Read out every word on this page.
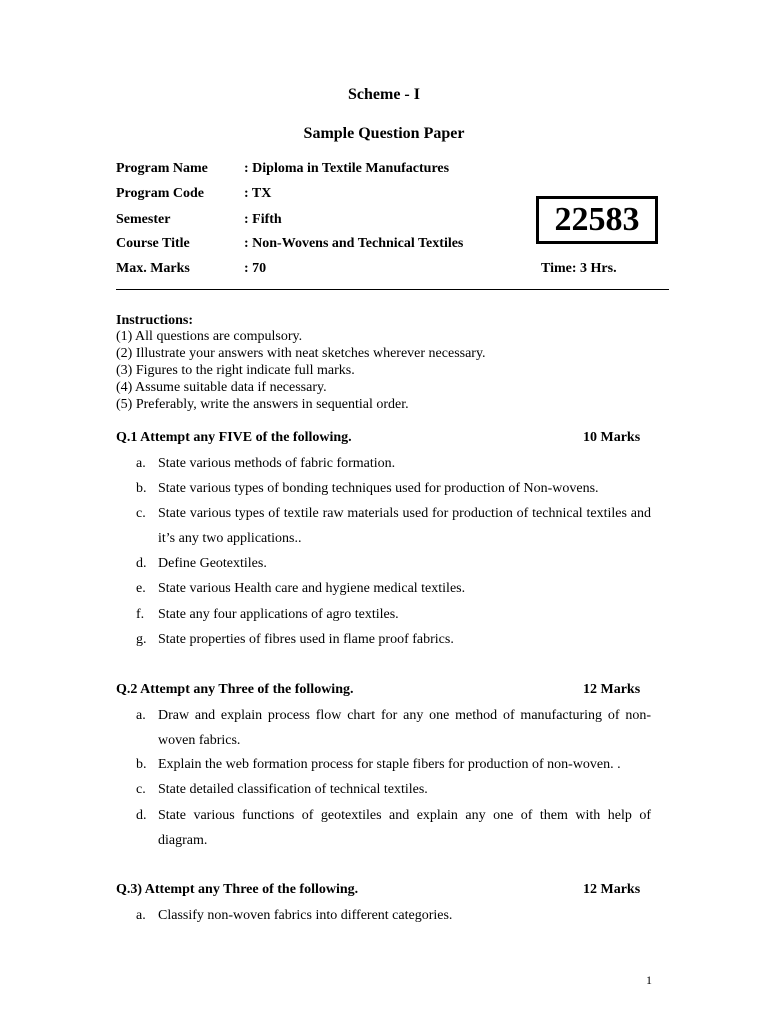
Scheme - I
Sample Question Paper
Program Name	: Diploma in Textile Manufactures
Program Code	: TX
Semester	: Fifth
Course Title	: Non-Wovens and Technical Textiles
Max. Marks	: 70
22583
Time: 3 Hrs.
Instructions:
(1) All questions are compulsory.
(2) Illustrate your answers with neat sketches wherever necessary.
(3) Figures to the right indicate full marks.
(4) Assume suitable data if necessary.
(5) Preferably, write the answers in sequential order.
Q.1 Attempt any FIVE of the following.	10 Marks
a. State various methods of fabric formation.
b. State various types of bonding techniques used for production of Non-wovens.
c. State various types of textile raw materials used for production of technical textiles and it’s any two applications..
d. Define Geotextiles.
e. State various Health care and hygiene medical textiles.
f. State any four applications of agro textiles.
g. State properties of fibres used in flame proof fabrics.
Q.2 Attempt any Three of the following.	12 Marks
a. Draw and explain process flow chart for any one method of manufacturing of non-woven fabrics.
b. Explain the web formation process for staple fibers for production of non-woven. .
c. State detailed classification of technical textiles.
d. State various functions of geotextiles and explain any one of them with help of diagram.
Q.3) Attempt any Three of the following.	12 Marks
a. Classify non-woven fabrics into different categories.
1
